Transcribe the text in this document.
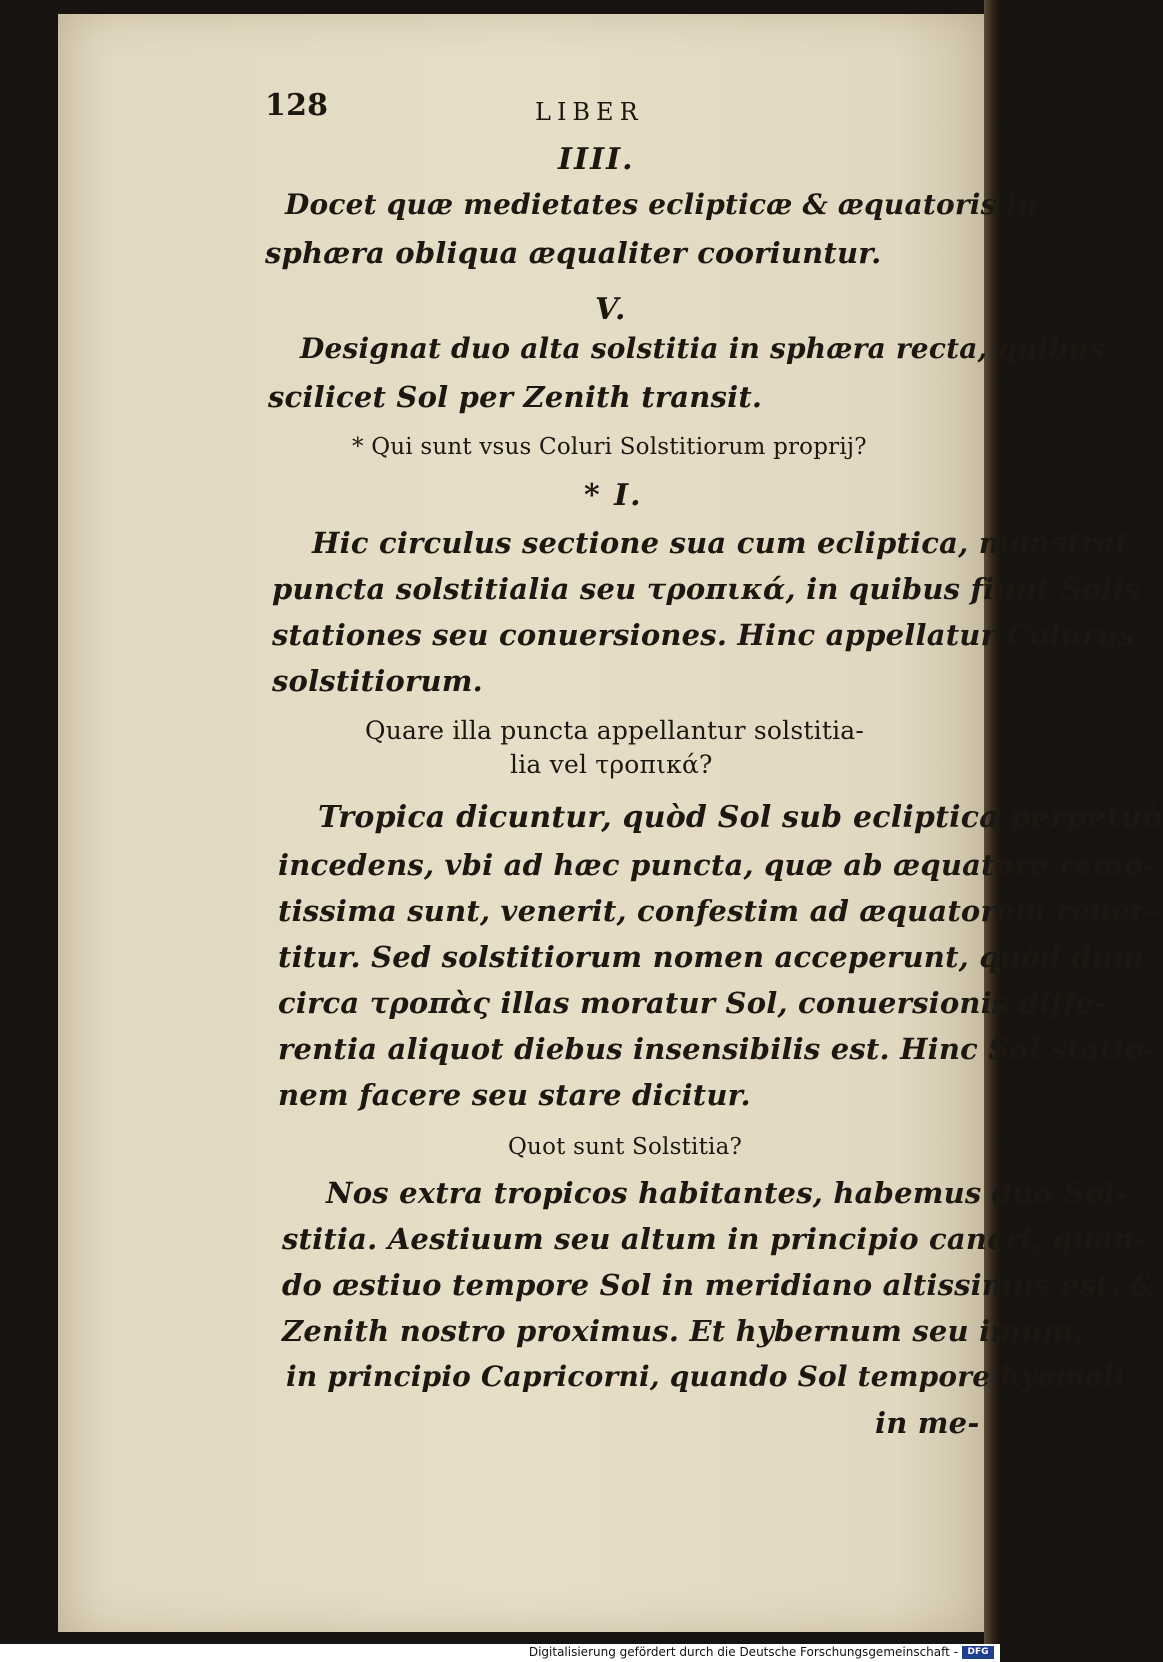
128	LIBER
IIII.
Docet quæ medietates eclipticæ & æquatoris in
sphæra obliqua æqualiter cooriuntur.
V.
Designat duo alta solstitia in sphæra recta, quibus
scilicet Sol per Zenith transit.
* Qui sunt vsus Coluri Solstitiorum proprij?
* I.
Hic circulus sectione sua cum ecliptica, monstrat
puncta solstitialia seu τροπικά, in quibus fiunt Solis
stationes seu conuersiones. Hinc appellatur Colurus
solstitiorum.
Quare illa puncta appellantur solstitia-
lia vel τροπικά?
Tropica dicuntur, quòd Sol sub ecliptica perpetuò
incedens, vbi ad hæc puncta, quæ ab æquatore remo-
tissima sunt, venerit, confestim ad æquatorem reuer-
titur. Sed solstitiorum nomen acceperunt, quòd dum
circa τροπὰς illas moratur Sol, conuersionis diffe-
rentia aliquot diebus insensibilis est. Hinc Sol statio-
nem facere seu stare dicitur.
Quot sunt Solstitia?
Nos extra tropicos habitantes, habemus duo Sol-
stitia. Aestiuum seu altum in principio cancri, quan-
do æstiuo tempore Sol in meridiano altissimus est, &
Zenith nostro proximus. Et hybernum seu imum,
in principio Capricorni, quando Sol tempore hyemali
in me-
Digitalisierung gefördert durch die Deutsche Forschungsgemeinschaft -	DFG
